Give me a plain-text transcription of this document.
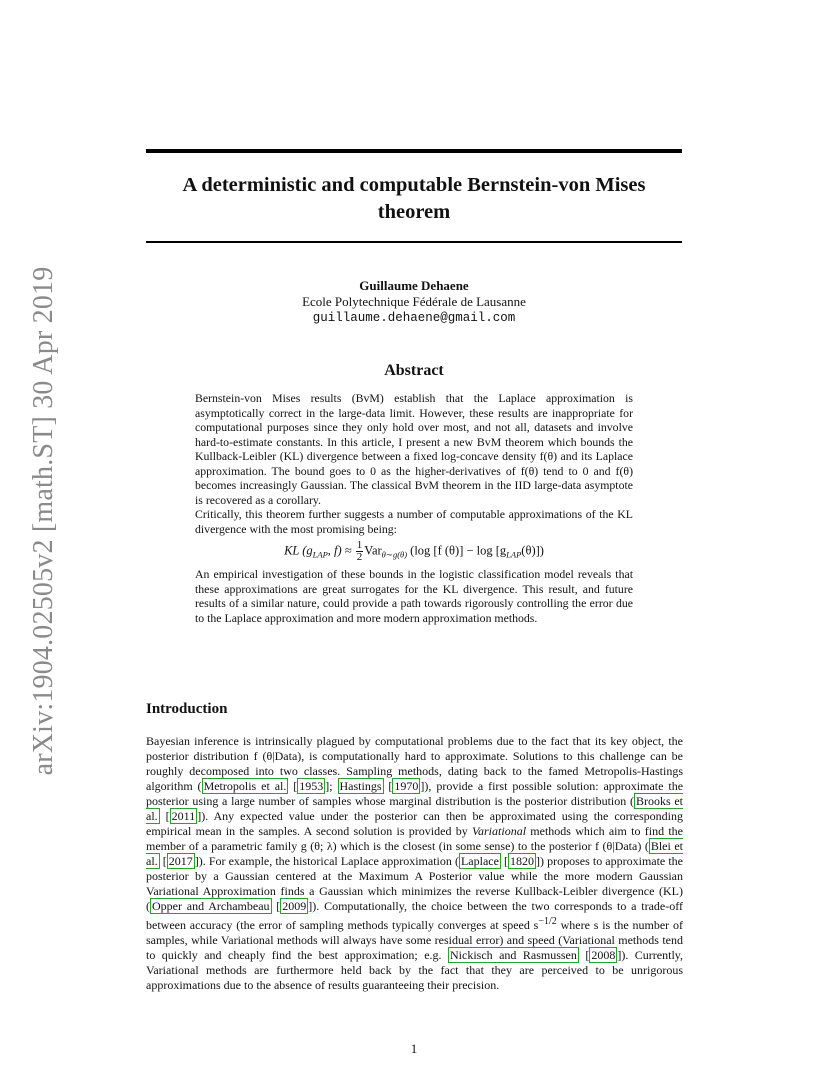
arXiv:1904.02505v2 [math.ST] 30 Apr 2019
A deterministic and computable Bernstein-von Mises theorem
Guillaume Dehaene
Ecole Polytechnique Fédérale de Lausanne
guillaume.dehaene@gmail.com
Abstract

Bernstein-von Mises results (BvM) establish that the Laplace approximation is asymptotically correct in the large-data limit. However, these results are inappropriate for computational purposes since they only hold over most, and not all, datasets and involve hard-to-estimate constants. In this article, I present a new BvM theorem which bounds the Kullback-Leibler (KL) divergence between a fixed log-concave density f(θ) and its Laplace approximation. The bound goes to 0 as the higher-derivatives of f(θ) tend to 0 and f(θ) becomes increasingly Gaussian. The classical BvM theorem in the IID large-data asymptote is recovered as a corollary.

Critically, this theorem further suggests a number of computable approximations of the KL divergence with the most promising being:

KL ($g_{LAP}$, $f) \approx \frac{1}{2} Var_{\theta\sim g(\theta)}$ (log [f $(\theta)] - \log [g_{LAP}(\theta)]$)

An empirical investigation of these bounds in the logistic classification model reveals that these approximations are great surrogates for the KL divergence. This result, and future results of a similar nature, could provide a path towards rigorously controlling the error due to the Laplace approximation and more modern approximation methods.

Introduction

Bayesian inference is intrinsically plagued by computational problems due to the fact that its key object, the posterior distribution f (θ|Data), is computationally hard to approximate. Solutions to this challenge can be roughly decomposed into two classes. Sampling methods, dating back to the famed Metropolis-Hastings algorithm ( Metropolis et al. [ 1953 ]; Hastings [ 1970 ]), provide a first possible solution: approximate the posterior using a large number of samples whose marginal distribution is the posterior distribution ( Brooks et al. [ 2011 ]). Any expected value under the posterior can then be approximated using the corresponding empirical mean in the samples. A second solution is provided by Variational methods which aim to find the member of a parametric family g (θ; λ) which is the closest (in some sense) to the posterior f (θ|Data) ( Blei et al. [ 2017 ]). For example, the historical Laplace approximation ( Laplace [ 1820 ]) proposes to approximate the posterior by a Gaussian centered at the Maximum A Posterior value while the more modern Gaussian Variational Approximation finds a Gaussian which minimizes the reverse Kullback-Leibler divergence (KL) ( Opper and Archambeau [ 2009 ]). Computationally, the choice between the two corresponds to a trade-off between accuracy (the error of sampling methods typically converges at speed $s^{-1/2}$ where s is the number of samples, while Variational methods will always have some residual error) and speed (Variational methods tend to quickly and cheaply find the best approximation; e.g. Nickisch and Rasmussen [ 2008 ]). Currently, Variational methods are furthermore held back by the fact that they are perceived to be unrigorous approximations due to the absence of results guaranteeing their precision.

1
